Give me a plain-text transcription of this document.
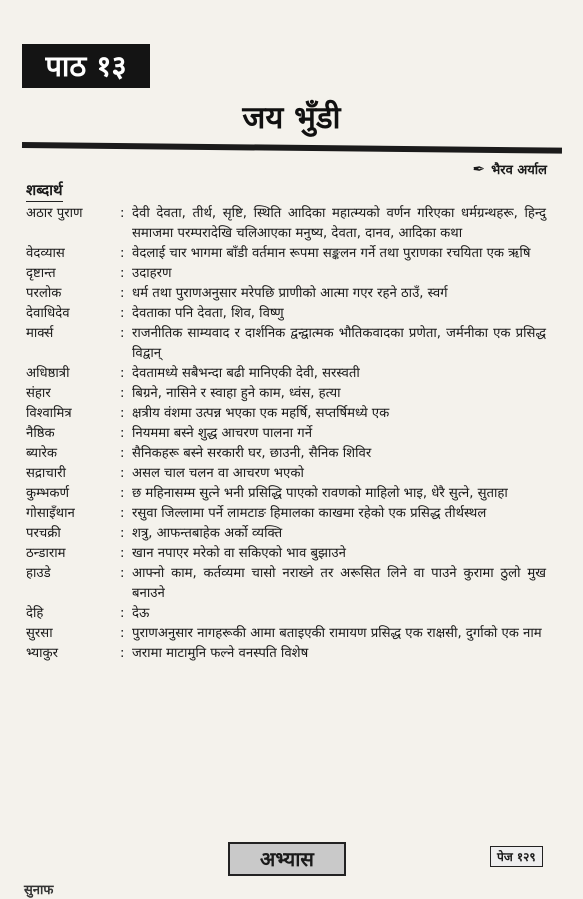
पाठ १३
जय भुँडी
✒ भैरव अर्याल
शब्दार्थ
अठार पुराण	: देवी देवता, तीर्थ, सृष्टि, स्थिति आदिका महात्म्यको वर्णन गरिएका धर्मग्रन्थहरू, हिन्दु समाजमा परम्परादेखि चलिआएका मनुष्य, देवता, दानव, आदिका कथा
वेदव्यास	: वेदलाई चार भागमा बाँडी वर्तमान रूपमा सङ्कलन गर्ने तथा पुराणका रचयिता एक ऋषि
दृष्टान्त	: उदाहरण
परलोक	: धर्म तथा पुराणअनुसार मरेपछि प्राणीको आत्मा गएर रहने ठाउँ, स्वर्ग
देवाधिदेव	: देवताका पनि देवता, शिव, विष्णु
मार्क्स	: राजनीतिक साम्यवाद र दार्शनिक द्वन्द्वात्मक भौतिकवादका प्रणेता, जर्मनीका एक प्रसिद्ध विद्वान्
अधिष्ठात्री	: देवतामध्ये सबैभन्दा बढी मानिएकी देवी, सरस्वती
संहार	: बिग्रने, नासिने र स्वाहा हुने काम, ध्वंस, हत्या
विश्वामित्र	: क्षत्रीय वंशमा उत्पन्न भएका एक महर्षि, सप्तर्षिमध्ये एक
नैष्ठिक	: नियममा बस्ने शुद्ध आचरण पालना गर्ने
ब्यारेक	: सैनिकहरू बस्ने सरकारी घर, छाउनी, सैनिक शिविर
सद्राचारी	: असल चाल चलन वा आचरण भएको
कुम्भकर्ण	: छ महिनासम्म सुत्ने भनी प्रसिद्धि पाएको रावणको माहिलो भाइ, धेरै सुत्ने, सुताहा
गोसाइँथान	: रसुवा जिल्लामा पर्ने लामटाङ हिमालका काखमा रहेको एक प्रसिद्ध तीर्थस्थल
परचक्री	: शत्रु, आफन्तबाहेक अर्को व्यक्ति
ठन्डाराम	: खान नपाएर मरेको वा सकिएको भाव बुझाउने
हाउडे	: आफ्नो काम, कर्तव्यमा चासो नराख्ने तर अरूसित लिने वा पाउने कुरामा ठुलो मुख बनाउने
देहि	: देऊ
सुरसा	: पुराणअनुसार नागहरूकी आमा बताइएकी रामायण प्रसिद्ध एक राक्षसी, दुर्गाको एक नाम
भ्याकुर	: जरामा माटामुनि फल्ने वनस्पति विशेष
अभ्यास	पेज १२९
सुनाफ
